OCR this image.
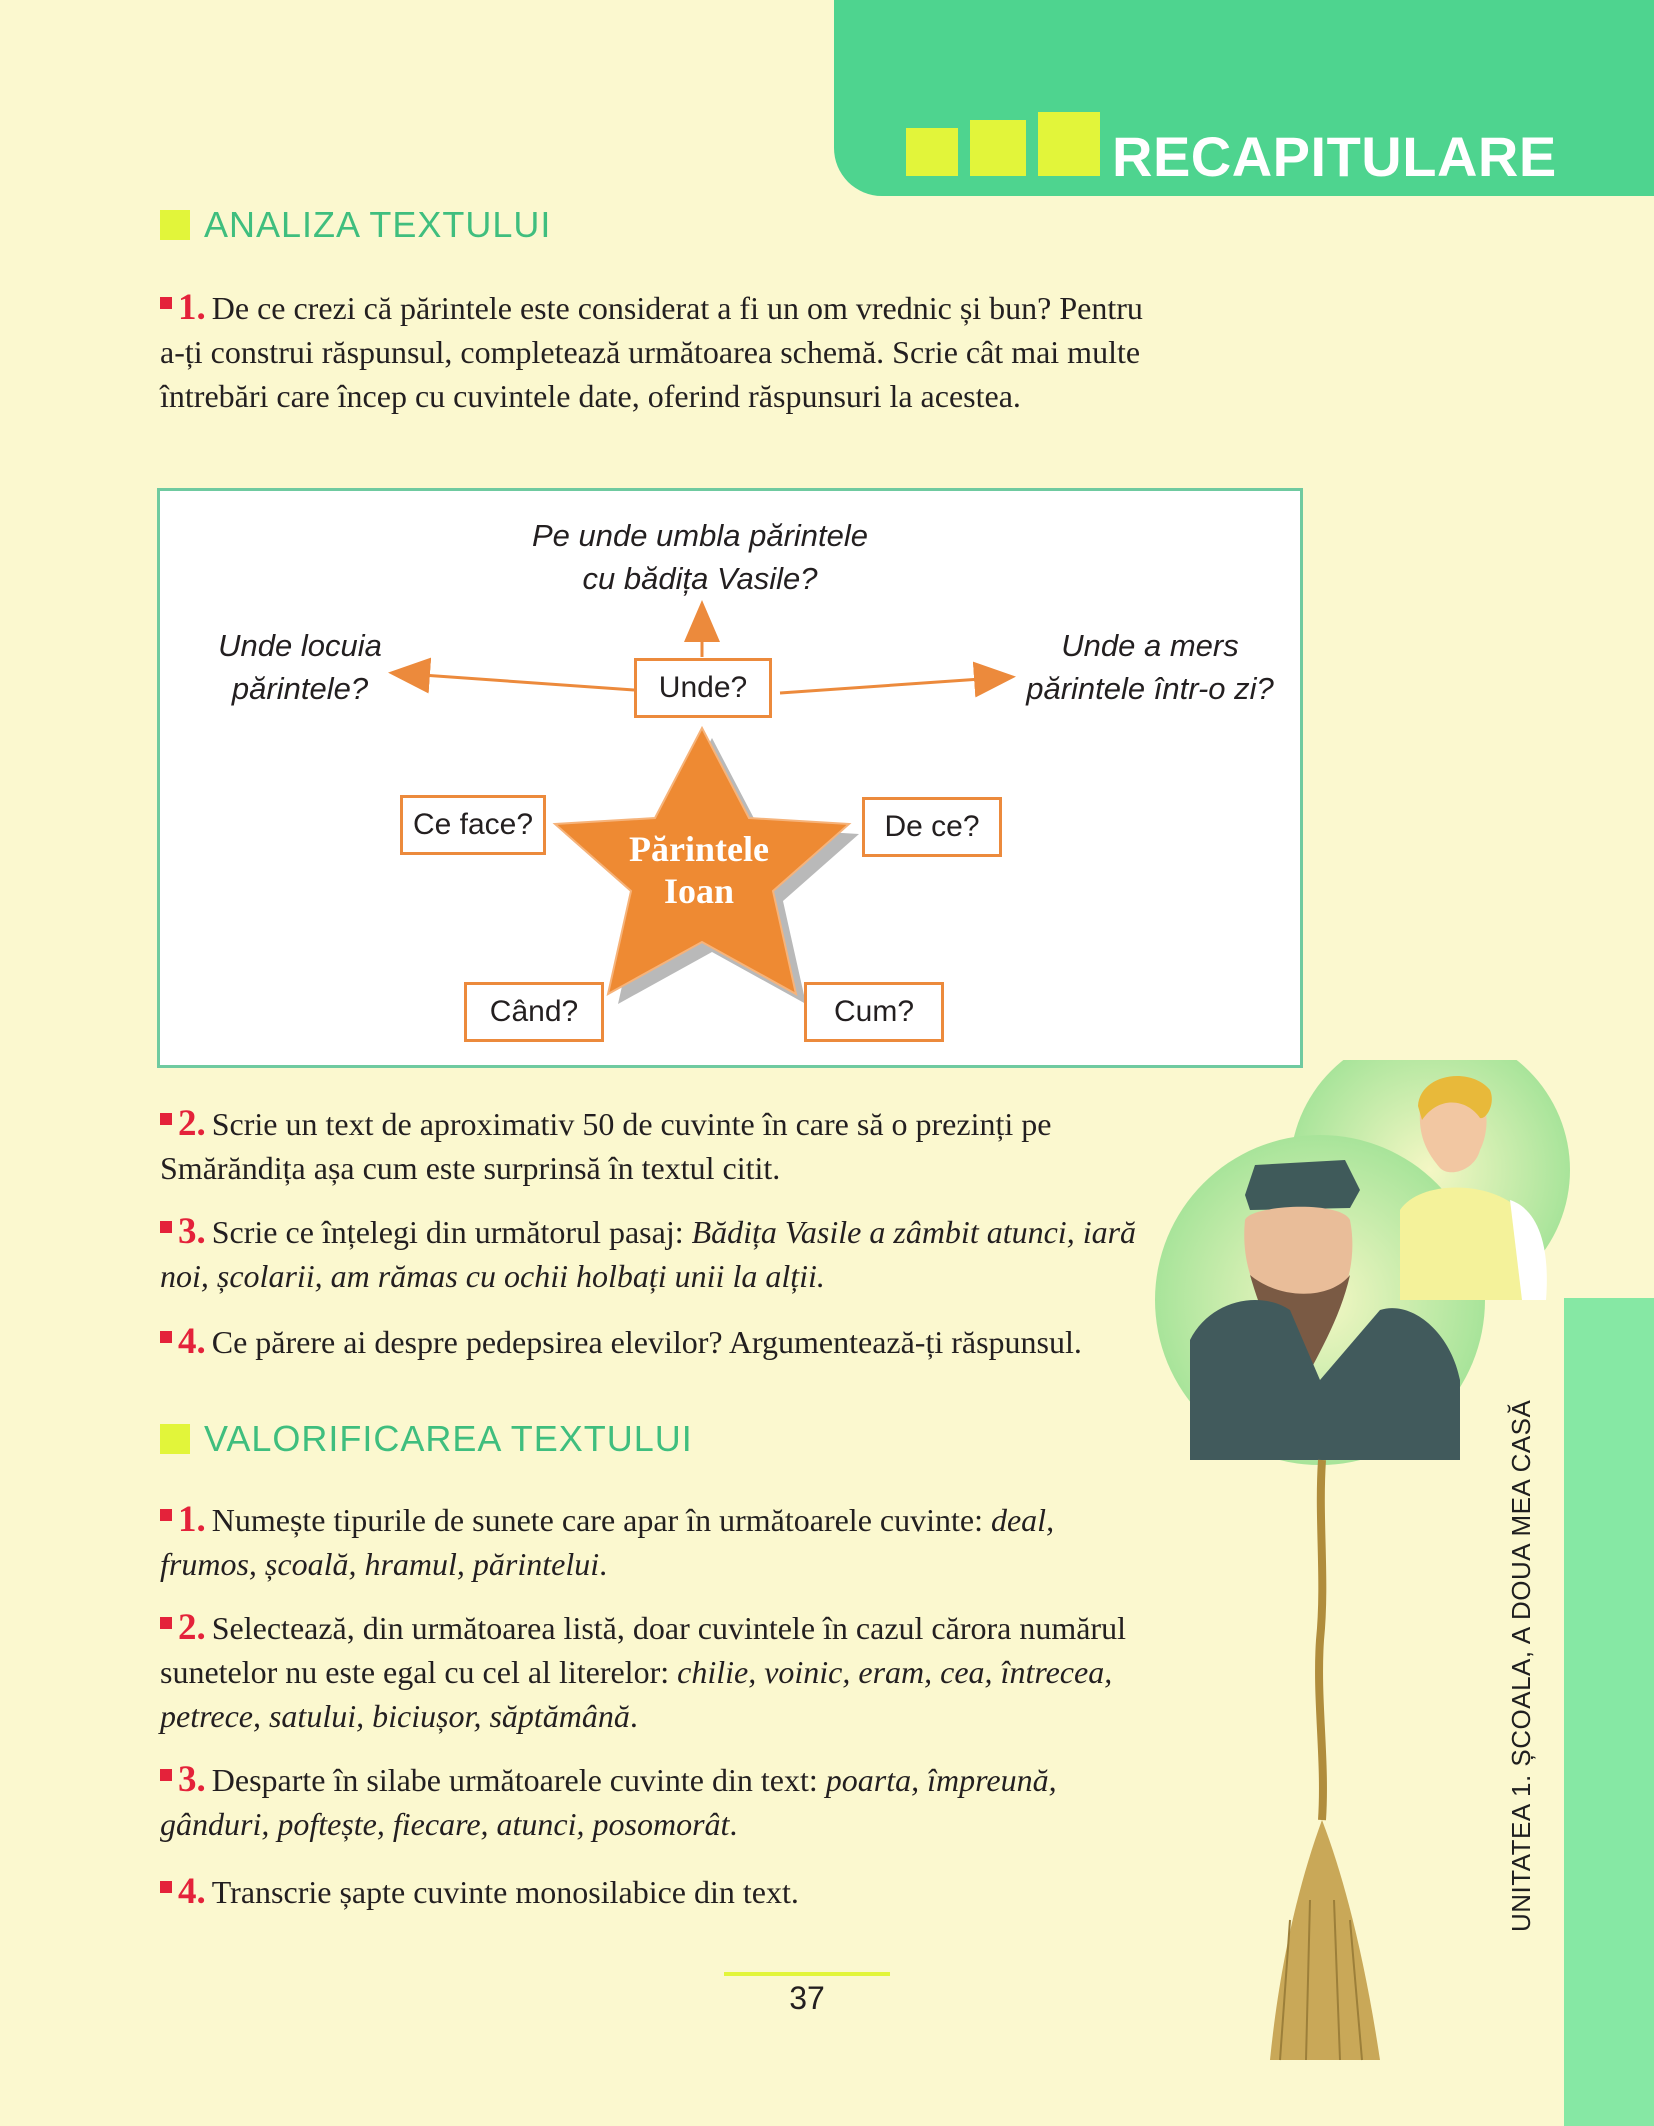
RECAPITULARE
ANALIZA TEXTULUI
1. De ce crezi că părintele este considerat a fi un om vrednic și bun? Pentru a-ți construi răspunsul, completează următoarea schemă. Scrie cât mai multe întrebări care încep cu cuvintele date, oferind răspunsuri la acestea.
Părintele
Ioan
Unde?
Ce face?	De ce?
Când?	Cum?
Pe unde umbla părintele
cu bădița Vasile?
Unde locuia
părintele?
Unde a mers
părintele într-o zi?
2. Scrie un text de aproximativ 50 de cuvinte în care să o prezinți pe Smărăndița așa cum este surprinsă în textul citit.
3. Scrie ce înțelegi din următorul pasaj: Bădița Vasile a zâmbit atunci, iară noi, școlarii, am rămas cu ochii holbați unii la alții.
4. Ce părere ai despre pedepsirea elevilor? Argumentează-ți răspunsul.
VALORIFICAREA TEXTULUI
1. Numește tipurile de sunete care apar în următoarele cuvinte: deal, frumos, școală, hramul, părintelui.
2. Selectează, din următoarea listă, doar cuvintele în cazul cărora numărul sunetelor nu este egal cu cel al literelor: chilie, voinic, eram, cea, întrecea, petrece, satului, biciușor, săptămână.
3. Desparte în silabe următoarele cuvinte din text: poarta, împreună, gânduri, poftește, fiecare, atunci, posomorât.
4. Transcrie șapte cuvinte monosilabice din text.	UNITATEA 1. ȘCOALA, A DOUA MEA CASĂ
37
